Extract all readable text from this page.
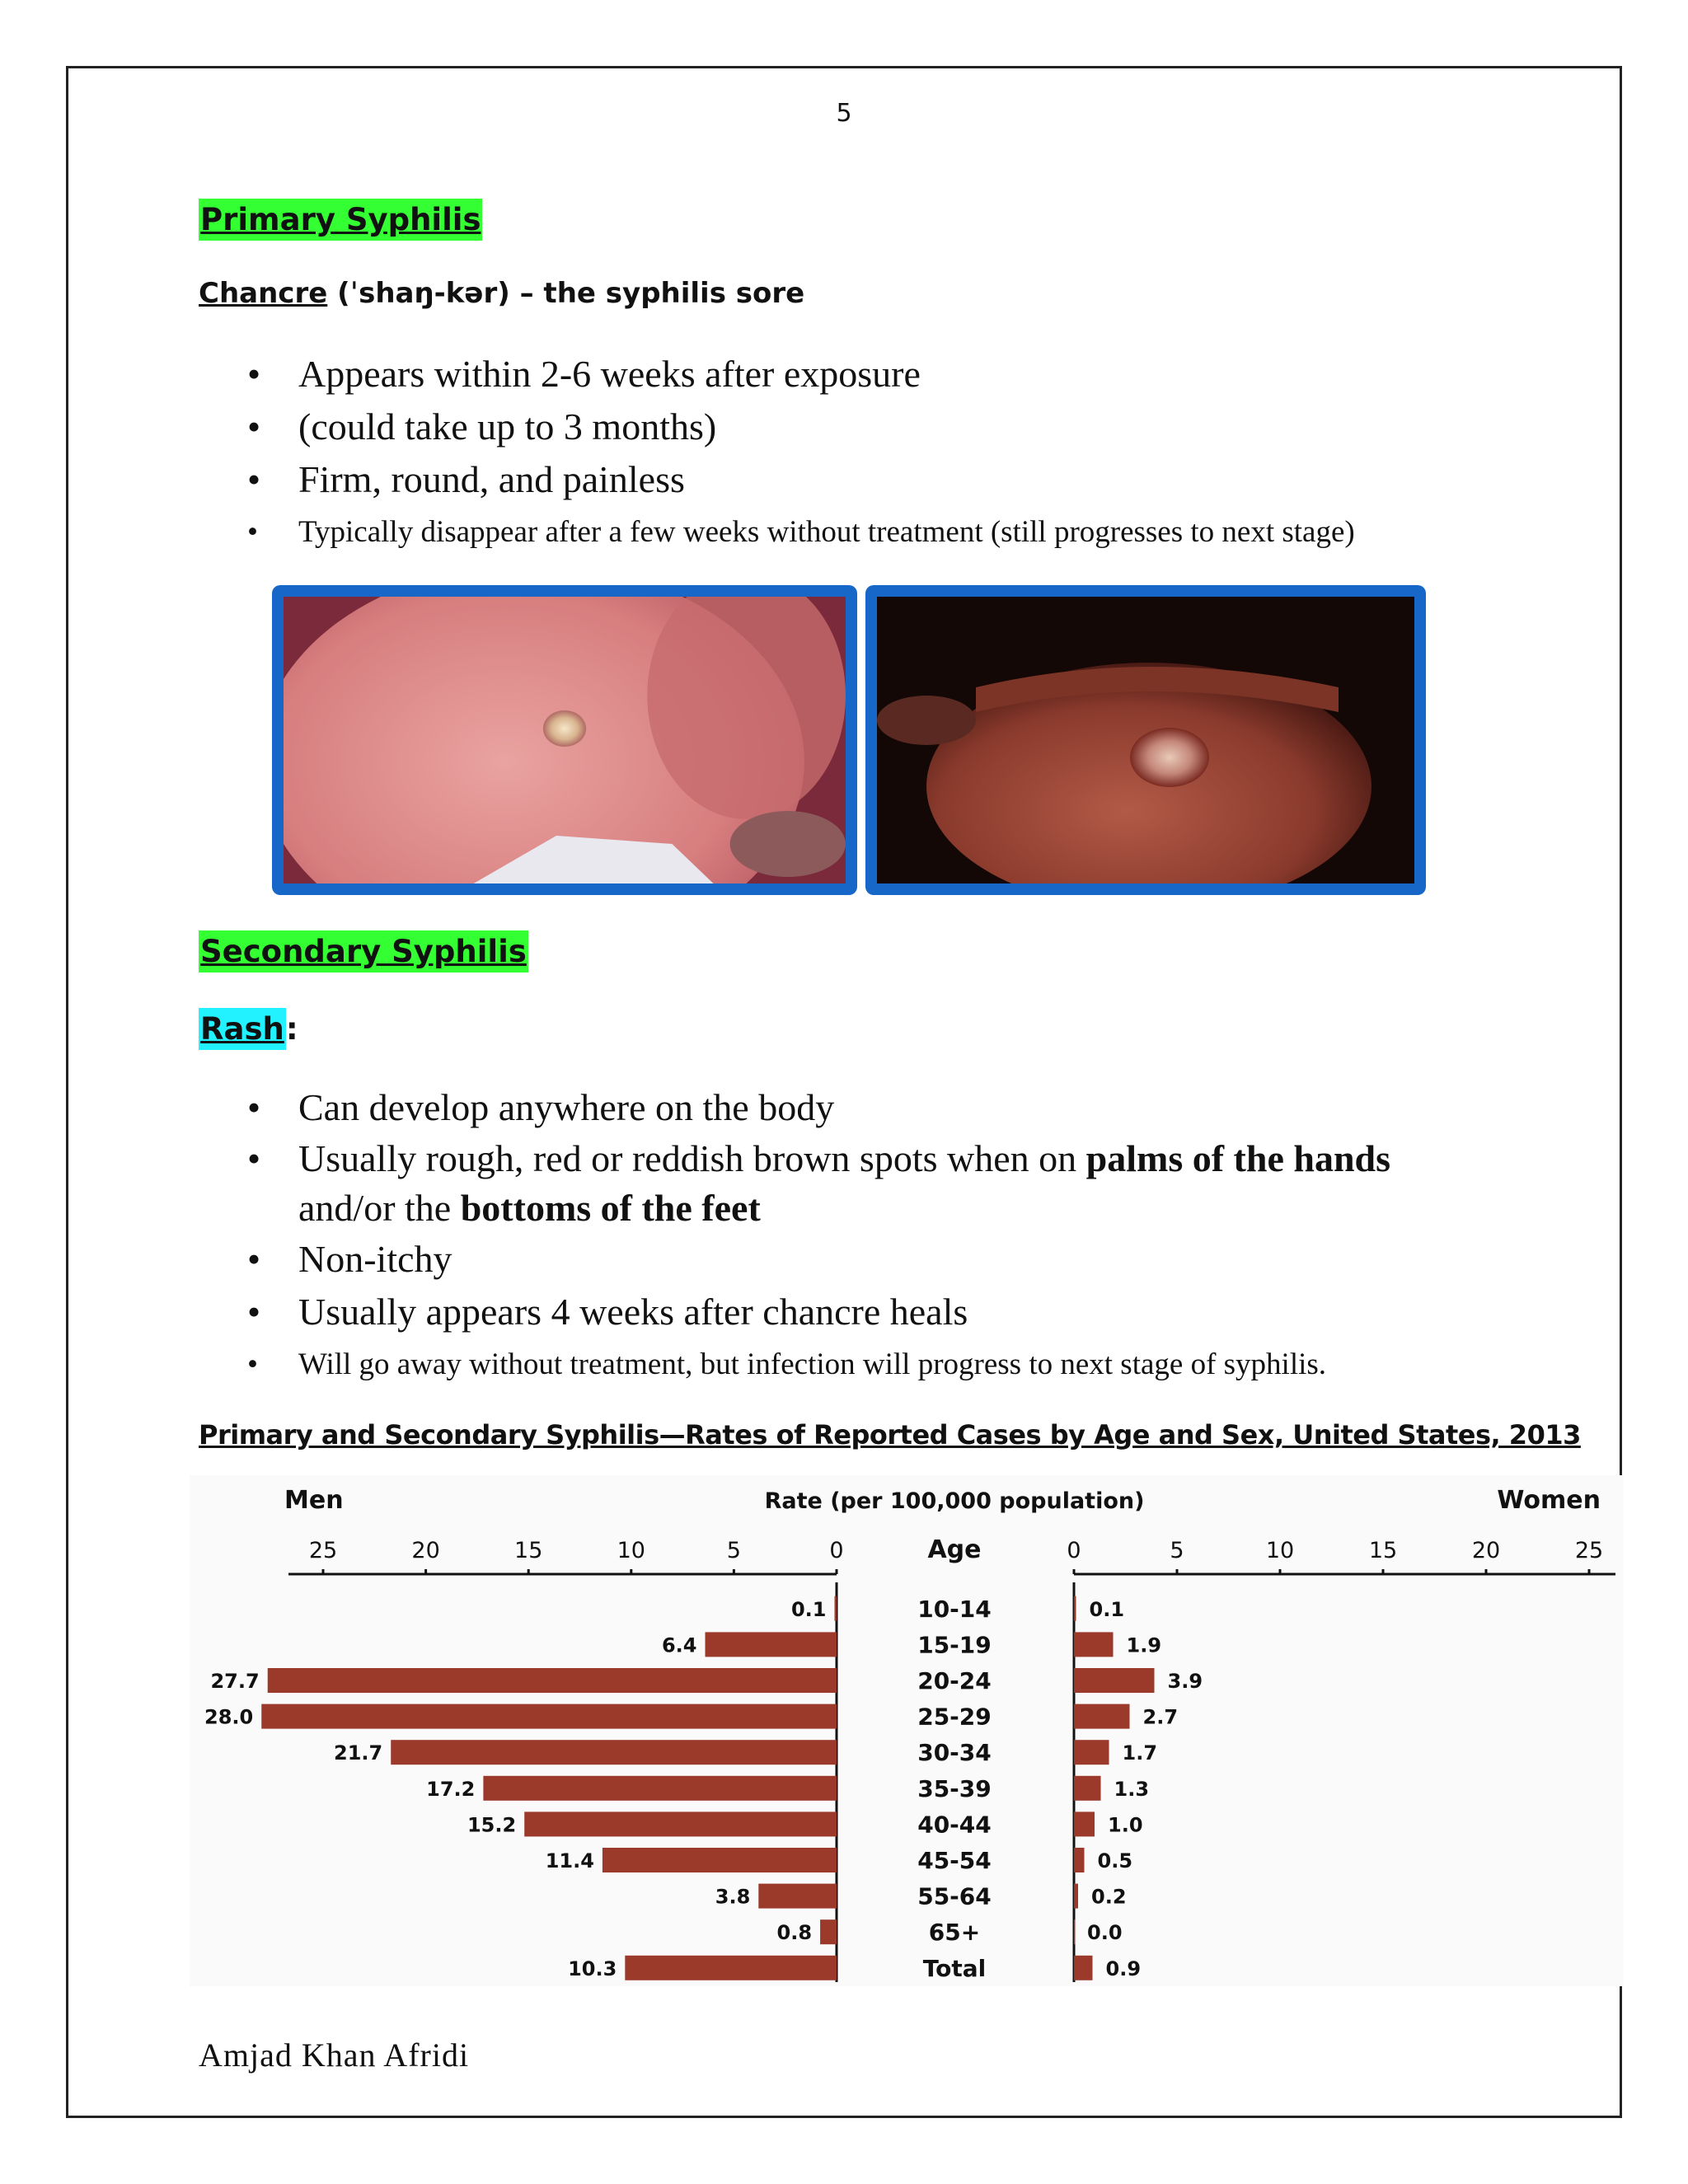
5
Primary Syphilis
Chancre (ˈshaŋ-kər) – the syphilis sore
• Appears within 2-6 weeks after exposure
• (could take up to 3 months)
• Firm, round, and painless
• Typically disappear after a few weeks without treatment (still progresses to next stage)
Secondary Syphilis
Rash:
• Can develop anywhere on the body
• Usually rough, red or reddish brown spots when on palms of the hands and/or the bottoms of the feet
• Non-itchy
• Usually appears 4 weeks after chancre heals
• Will go away without treatment, but infection will progress to next stage of syphilis.
Primary and Secondary Syphilis—Rates of Reported Cases by Age and Sex, United States, 2013
Men	Rate (per 100,000 population)	Women
Age
0	0
5	5
10	10
15	15
20	20
25	25
10-14
0.1	0.1
15-19
6.4	1.9
20-24
27.7	3.9
25-29
28.0	2.7
30-34
21.7	1.7
35-39
17.2	1.3
40-44
15.2	1.0
45-54
11.4	0.5
55-64
3.8	0.2
65+
0.8	0.0
Total
10.3	0.9
Amjad Khan Afridi
